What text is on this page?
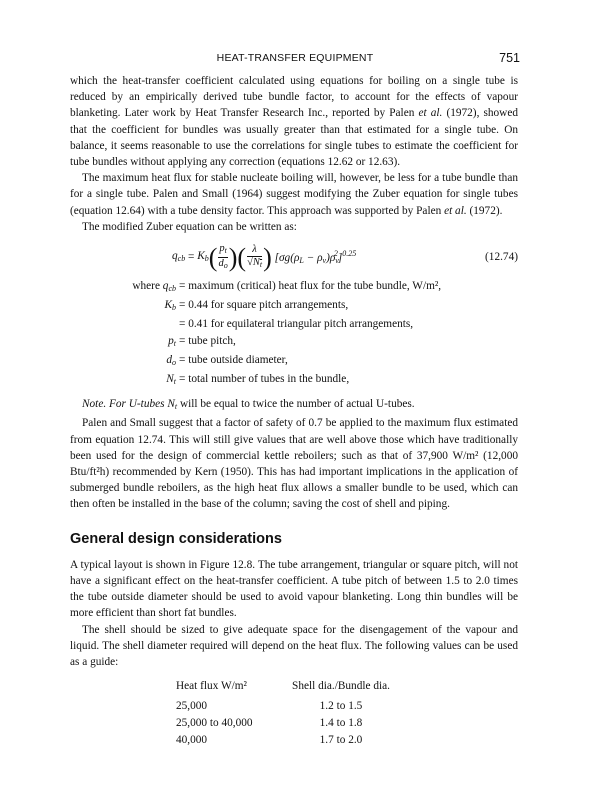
HEAT-TRANSFER EQUIPMENT	751

which the heat-transfer coefficient calculated using equations for boiling on a single tube is reduced by an empirically derived tube bundle factor, to account for the effects of vapour blanketing. Later work by Heat Transfer Research Inc., reported by Palen et al. (1972), showed that the coefficient for bundles was usually greater than that estimated for a single tube. On balance, it seems reasonable to use the correlations for single tubes to estimate the coefficient for tube bundles without applying any correction (equations 12.62 or 12.63).

The maximum heat flux for stable nucleate boiling will, however, be less for a tube bundle than for a single tube. Palen and Small (1964) suggest modifying the Zuber equation for single tubes (equation 12.64) with a tube density factor. This approach was supported by Palen et al. (1972).

The modified Zuber equation can be written as:

$q_{cb} = K_b$ ( $\frac{p_t}{d_o}$ ) ( $\frac{\lambda}{√N_t}$ ) $[\sigma g(\rho_L - \rho_v)\rho_v^2]^{0.25}$	(12.74)
where $q_{cb}$ = maximum (critical) heat flux for the tube bundle, W/m²,
$K_b = 0.44$ for square pitch arrangements,
= 0.41 for equilateral triangular pitch arrangements,
$p_t$ = tube pitch,
$d_o$ = tube outside diameter,
$N_t$ = total number of tubes in the bundle,

Note. For U-tubes $N_t$ will be equal to twice the number of actual U-tubes.

Palen and Small suggest that a factor of safety of 0.7 be applied to the maximum flux estimated from equation 12.74. This will still give values that are well above those which have traditionally been used for the design of commercial kettle reboilers; such as that of 37,900 W/m² (12,000 Btu/ft²h) recommended by Kern (1950). This has had important implications in the application of submerged bundle reboilers, as the high heat flux allows a smaller bundle to be used, which can then often be installed in the base of the column; saving the cost of shell and piping.

General design considerations

A typical layout is shown in Figure 12.8. The tube arrangement, triangular or square pitch, will not have a significant effect on the heat-transfer coefficient. A tube pitch of between 1.5 to 2.0 times the tube outside diameter should be used to avoid vapour blanketing. Long thin bundles will be more efficient than short fat bundles.

The shell should be sized to give adequate space for the disengagement of the vapour and liquid. The shell diameter required will depend on the heat flux. The following values can be used as a guide:

Heat flux W/m²	Shell dia./Bundle dia.
25,000	1.2 to 1.5
25,000 to 40,000	1.4 to 1.8
40,000	1.7 to 2.0
